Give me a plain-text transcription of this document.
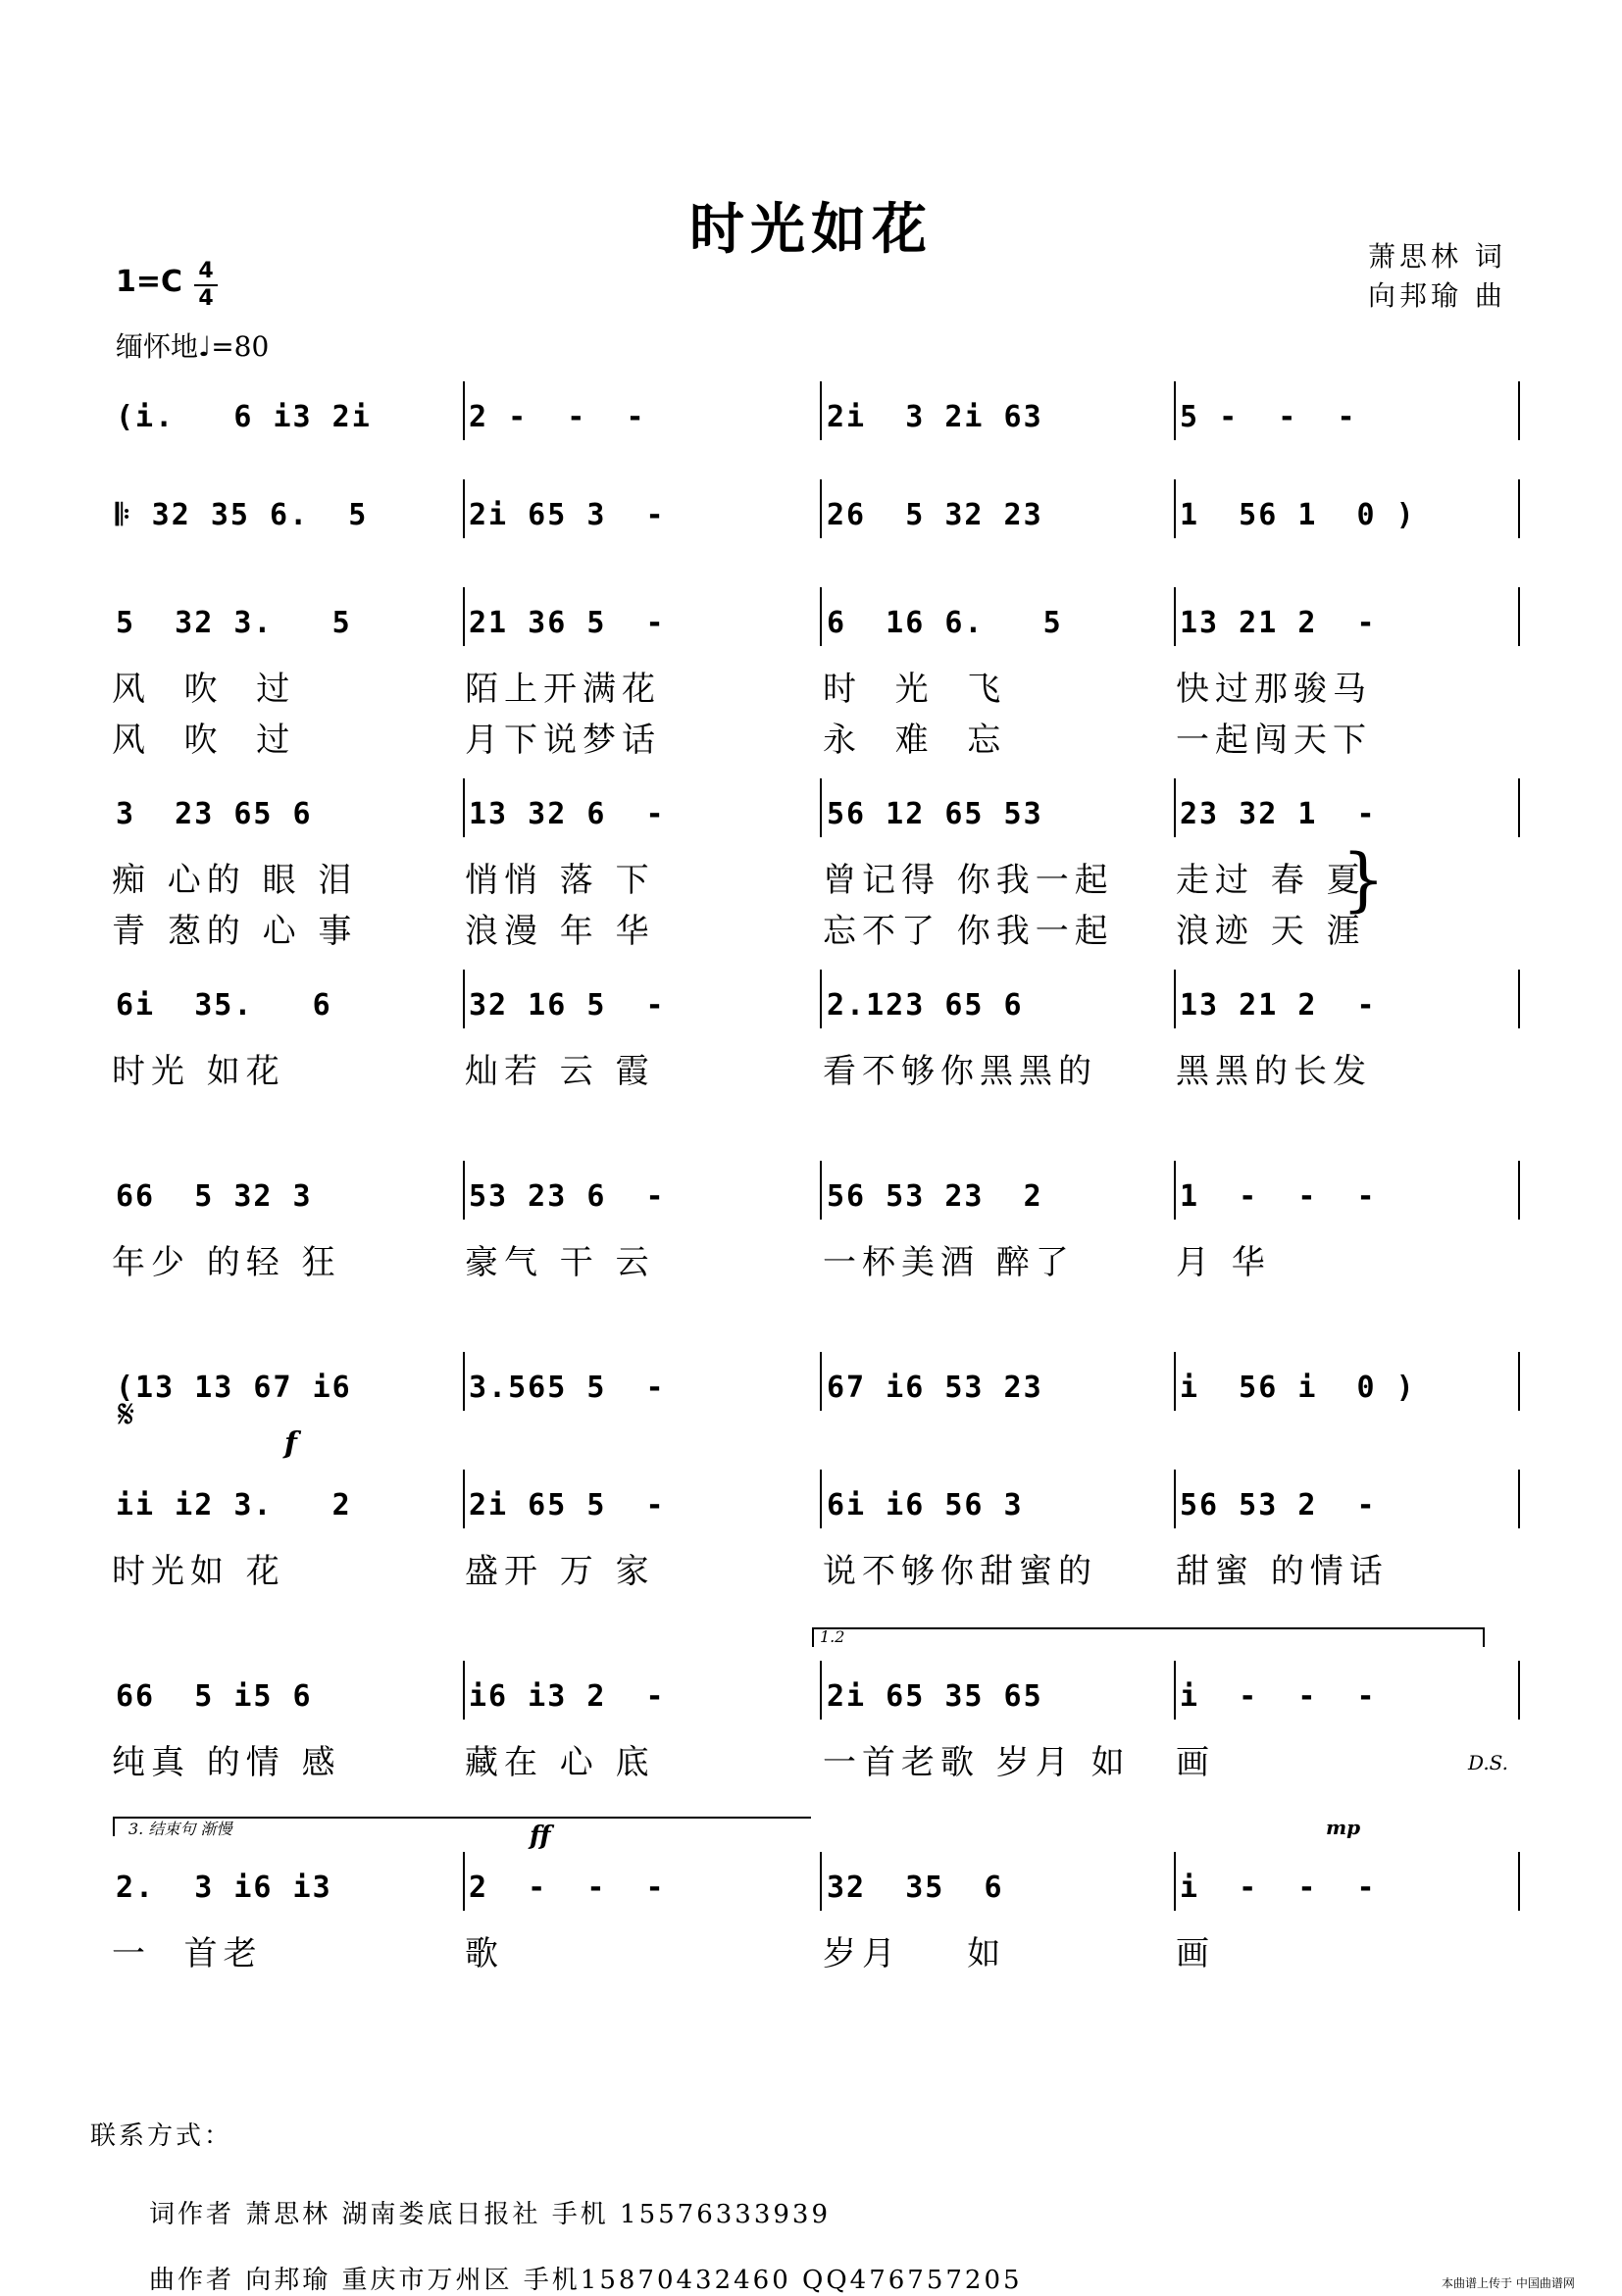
时光如花	萧思林 词
向邦瑜 曲
1=C 4
4
缅怀地♩=80
(i.   6 i3 2i	2 -  -  -	2i  3 2i 63	5 -  -  -
𝄆 32 35 6.  5	2i 65 3  -	26  5 32 23	1  56 1  0 )
5  32 3.   5	21 36 5  -	6  16 6.   5	13 21 2  -
风  吹  过	陌上开满花	时  光  飞	快过那骏马
风  吹  过	月下说梦话	永  难  忘	一起闯天下
3  23 65 6	13 32 6  -	56 12 65 53	23 32 1  -
痴 心的 眼 泪	悄悄 落 下	曾记得 你我一起 走过 春 夏
青 葱的 心 事	浪漫 年 华	忘不了 你我一起 浪迹 天 涯
6i  35.   6	32 16 5  -	2.123 65 6	13 21 2  -
时光 如花	灿若 云 霞	看不够你黑黑的 黑黑的长发
66  5 32 3	53 23 6  -	56 53 23  2	1  -  -  -
年少 的轻 狂	豪气 干 云	一杯美酒 醉了	月 华
(13 13 67 i6	3.565 5  -	67 i6 53 23	i  56 i  0 )
ii i2 3.   2	2i 65 5  -	6i i6 56 3	56 53 2  -
时光如 花	盛开 万 家	说不够你甜蜜的 甜蜜 的情话
66  5 i5 6	i6 i3 2  -	2i 65 35 65	i  -  -  -
纯真 的情 感	藏在 心 底	一首老歌 岁月 如 画
2.  3 i6 i3	2  -  -  -	32  35  6	i  -  -  -
一  首老	歌	岁月    如	画
𝄋
f
ff	mp
D.S.
1.2
3. 结束句 渐慢
}
联系方式：
词作者 萧思林 湖南娄底日报社 手机 15576333939
曲作者 向邦瑜 重庆市万州区 手机15870432460 QQ476757205	本曲谱上传于 中国曲谱网
